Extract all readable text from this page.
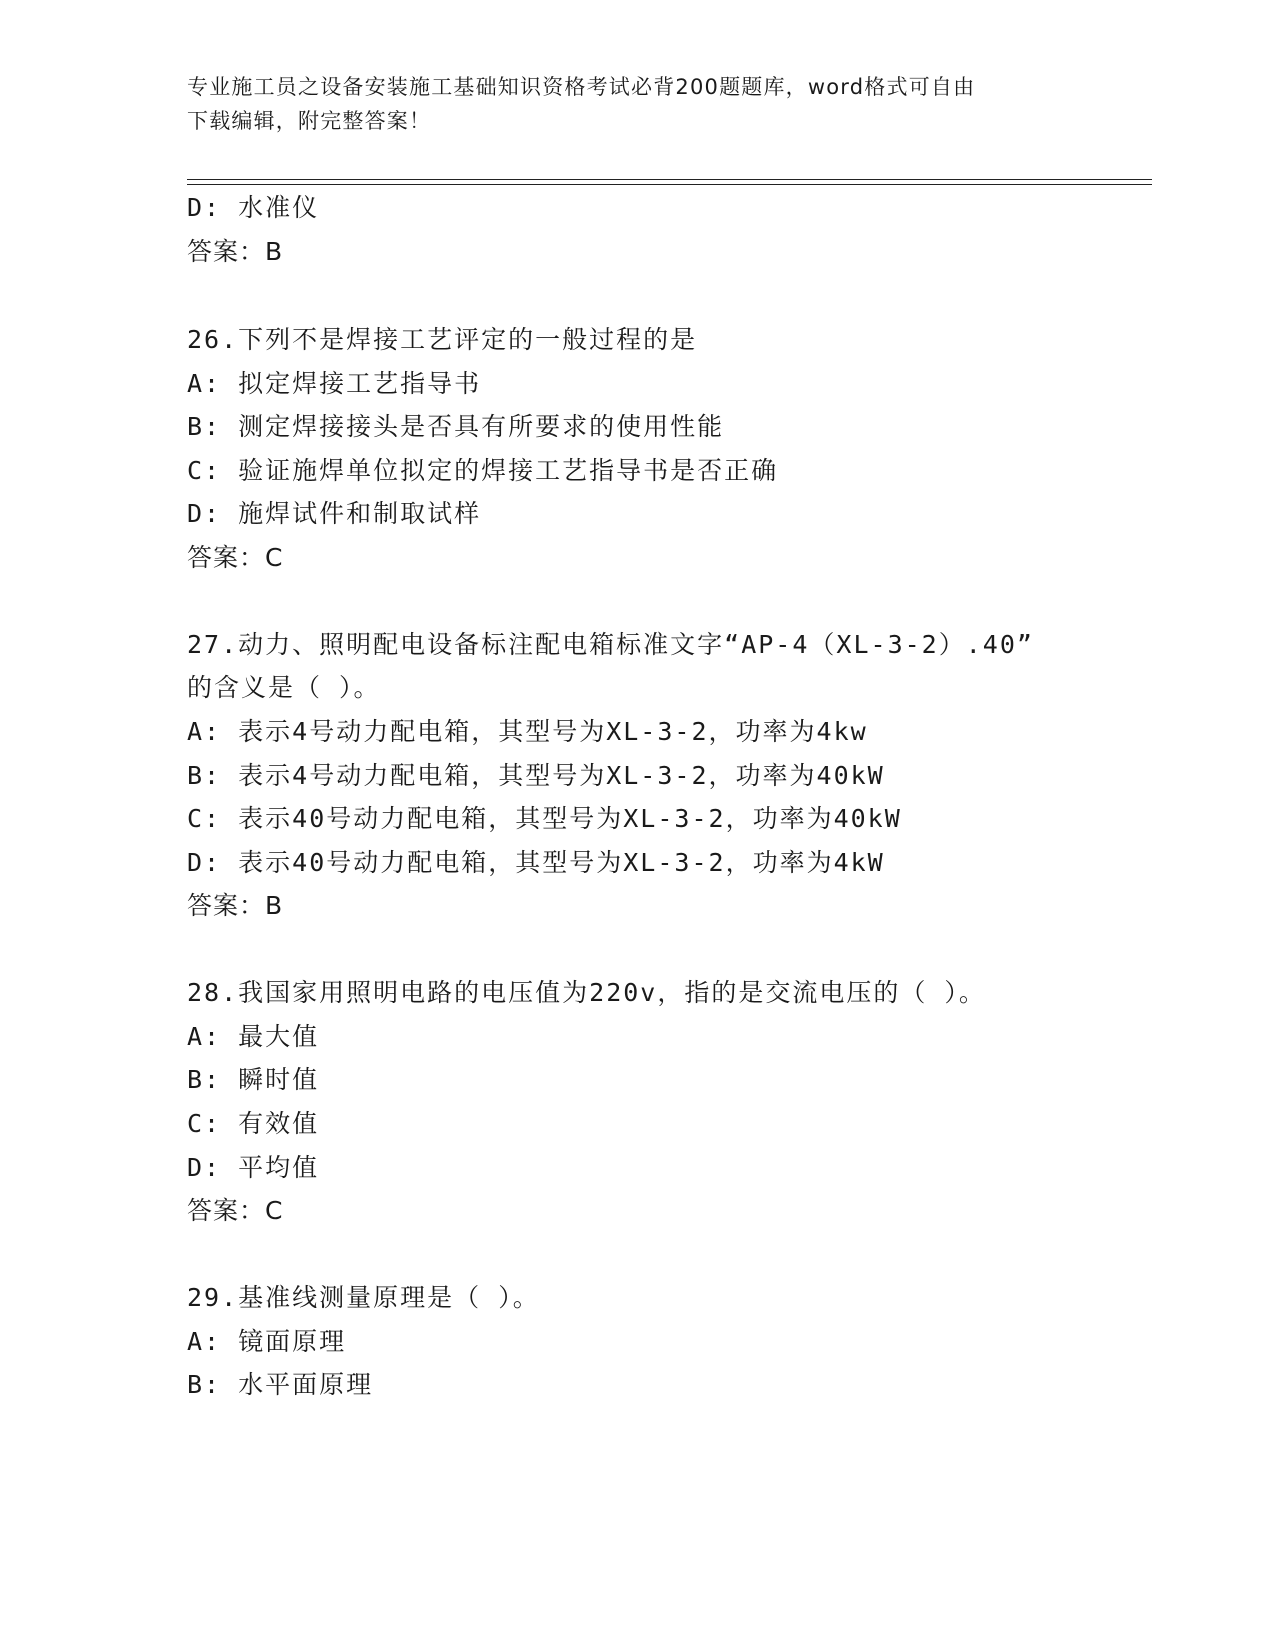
专业施工员之设备安装施工基础知识资格考试必背200题题库，word格式可自由
下载编辑，附完整答案！
D: 水准仪
答案：B
26.下列不是焊接工艺评定的一般过程的是
A: 拟定焊接工艺指导书
B: 测定焊接接头是否具有所要求的使用性能
C: 验证施焊单位拟定的焊接工艺指导书是否正确
D: 施焊试件和制取试样
答案：C
27.动力、照明配电设备标注配电箱标准文字“AP-4（XL-3-2）.40”
的含义是（ ）。
A: 表示4号动力配电箱，其型号为XL-3-2，功率为4kw
B: 表示4号动力配电箱，其型号为XL-3-2，功率为40kW
C: 表示40号动力配电箱，其型号为XL-3-2，功率为40kW
D: 表示40号动力配电箱，其型号为XL-3-2，功率为4kW
答案：B
28.我国家用照明电路的电压值为220v，指的是交流电压的（ ）。
A: 最大值
B: 瞬时值
C: 有效值
D: 平均值
答案：C
29.基准线测量原理是（ ）。
A: 镜面原理
B: 水平面原理
